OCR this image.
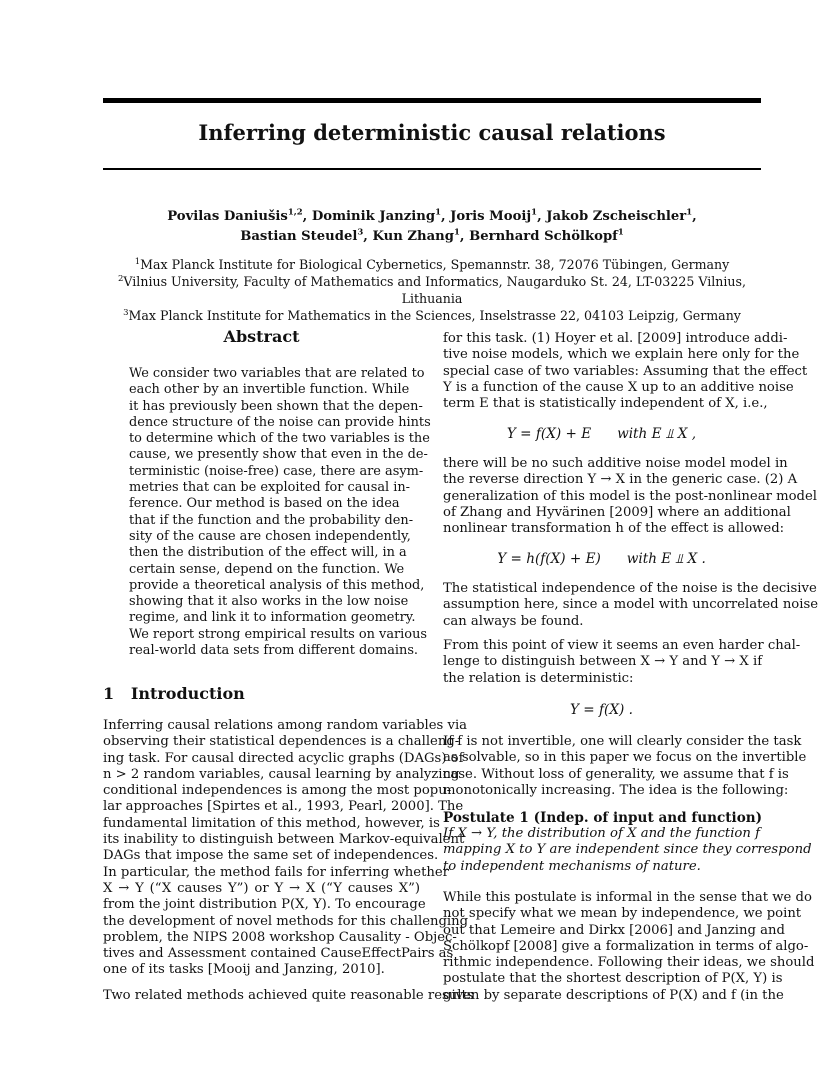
Inferring deterministic causal relations
Povilas Daniušis$^{1,2}$, Dominik Janzing$^1$, Joris Mooij$^1$, Jakob Zscheischler$^1$,
Bastian Steudel$^3$, Kun Zhang$^1$, Bernhard Schölkopf$^1$
$^1$Max Planck Institute for Biological Cybernetics, Spemannstr. 38, 72076 Tübingen, Germany
$^2$Vilnius University, Faculty of Mathematics and Informatics, Naugarduko St. 24, LT-03225 Vilnius, Lithuania
$^3$Max Planck Institute for Mathematics in the Sciences, Inselstrasse 22, 04103 Leipzig, Germany
Abstract
We consider two variables that are related to
each other by an invertible function. While
it has previously been shown that the depen-
dence structure of the noise can provide hints
to determine which of the two variables is the
cause, we presently show that even in the de-
terministic (noise-free) case, there are asym-
metries that can be exploited for causal in-
ference. Our method is based on the idea
that if the function and the probability den-
sity of the cause are chosen independently,
then the distribution of the effect will, in a
certain sense, depend on the function. We
provide a theoretical analysis of this method,
showing that it also works in the low noise
regime, and link it to information geometry.
We report strong empirical results on various
real-world data sets from different domains.
1 Introduction
Inferring causal relations among random variables via
observing their statistical dependences is a challeng-
ing task. For causal directed acyclic graphs (DAGs) of
n > 2 random variables, causal learning by analyzing
conditional independences is among the most popu-
lar approaches [Spirtes et al., 1993, Pearl, 2000]. The
fundamental limitation of this method, however, is
its inability to distinguish between Markov-equivalent
DAGs that impose the same set of independences.
In particular, the method fails for inferring whether
X → Y (“X causes Y”) or Y → X (“Y causes X”)
from the joint distribution P(X, Y). To encourage
the development of novel methods for this challenging
problem, the NIPS 2008 workshop Causality - Objec-
tives and Assessment contained CauseEffectPairs as
one of its tasks [Mooij and Janzing, 2010].
Two related methods achieved quite reasonable results
for this task. (1) Hoyer et al. [2009] introduce addi-
tive noise models, which we explain here only for the
special case of two variables: Assuming that the effect
Y is a function of the cause X up to an additive noise
term E that is statistically independent of X, i.e.,
Y = f(X) + E      with E ⫫ X ,
there will be no such additive noise model model in
the reverse direction Y → X in the generic case. (2) A
generalization of this model is the post-nonlinear model
of Zhang and Hyvärinen [2009] where an additional
nonlinear transformation h of the effect is allowed:
Y = h(f(X) + E)      with E ⫫ X .
The statistical independence of the noise is the decisive
assumption here, since a model with uncorrelated noise
can always be found.
From this point of view it seems an even harder chal-
lenge to distinguish between X → Y and Y → X if
the relation is deterministic:
Y = f(X) .
If f is not invertible, one will clearly consider the task
as solvable, so in this paper we focus on the invertible
case. Without loss of generality, we assume that f is
monotonically increasing. The idea is the following:
Postulate 1 (Indep. of input and function)
If X → Y, the distribution of X and the function f
mapping X to Y are independent since they correspond
to independent mechanisms of nature.
While this postulate is informal in the sense that we do
not specify what we mean by independence, we point
out that Lemeire and Dirkx [2006] and Janzing and
Schölkopf [2008] give a formalization in terms of algo-
rithmic independence. Following their ideas, we should
postulate that the shortest description of P(X, Y) is
given by separate descriptions of P(X) and f (in the
